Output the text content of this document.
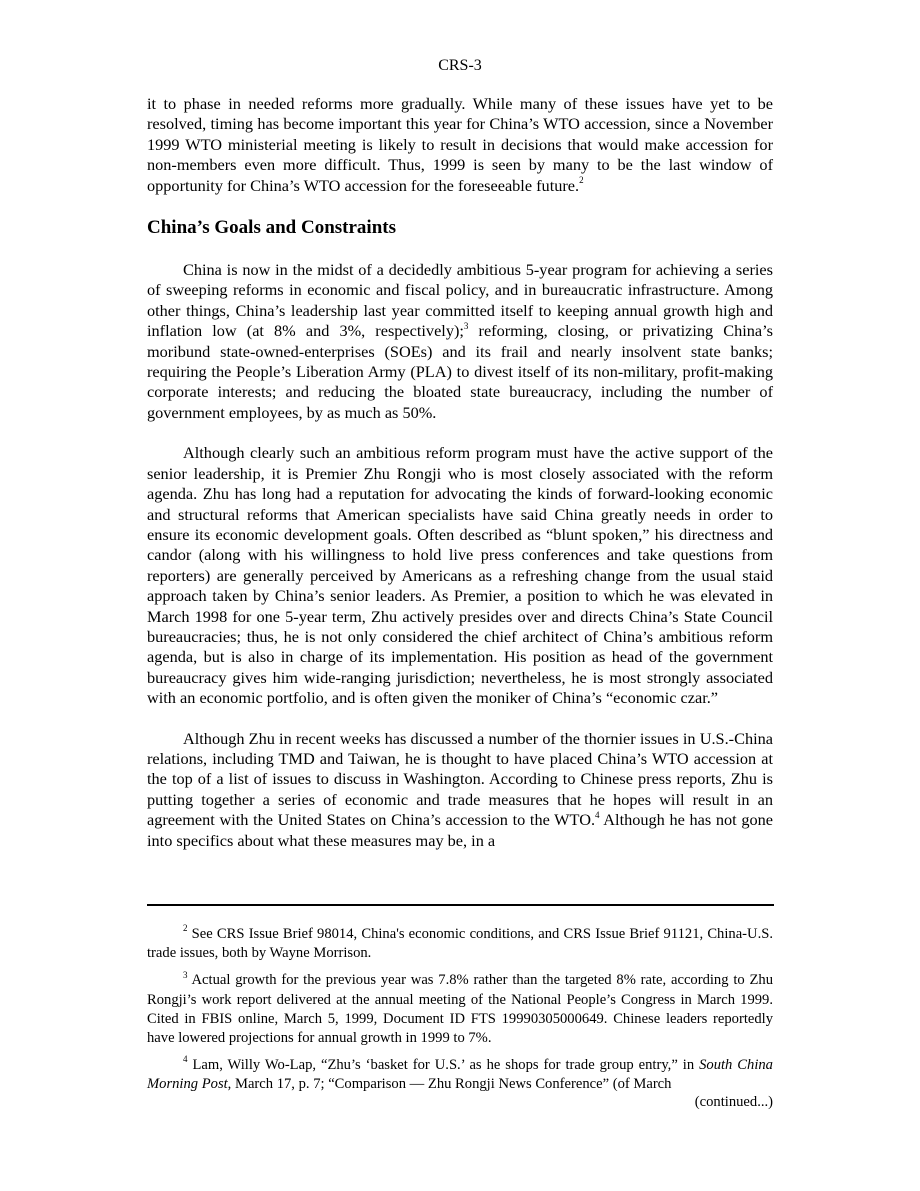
CRS-3

it to phase in needed reforms more gradually. While many of these issues have yet to be resolved, timing has become important this year for China’s WTO accession, since a November 1999 WTO ministerial meeting is likely to result in decisions that would make accession for non-members even more difficult. Thus, 1999 is seen by many to be the last window of opportunity for China’s WTO accession for the foreseeable future.$^2$

China’s Goals and Constraints

China is now in the midst of a decidedly ambitious 5-year program for achieving a series of sweeping reforms in economic and fiscal policy, and in bureaucratic infrastructure. Among other things, China’s leadership last year committed itself to keeping annual growth high and inflation low (at 8% and 3%, respectively);$^3$ reforming, closing, or privatizing China’s moribund state-owned-enterprises (SOEs) and its frail and nearly insolvent state banks; requiring the People’s Liberation Army (PLA) to divest itself of its non-military, profit-making corporate interests; and reducing the bloated state bureaucracy, including the number of government employees, by as much as 50%.

Although clearly such an ambitious reform program must have the active support of the senior leadership, it is Premier Zhu Rongji who is most closely associated with the reform agenda. Zhu has long had a reputation for advocating the kinds of forward-looking economic and structural reforms that American specialists have said China greatly needs in order to ensure its economic development goals. Often described as “blunt spoken,” his directness and candor (along with his willingness to hold live press conferences and take questions from reporters) are generally perceived by Americans as a refreshing change from the usual staid approach taken by China’s senior leaders. As Premier, a position to which he was elevated in March 1998 for one 5-year term, Zhu actively presides over and directs China’s State Council bureaucracies; thus, he is not only considered the chief architect of China’s ambitious reform agenda, but is also in charge of its implementation. His position as head of the government bureaucracy gives him wide-ranging jurisdiction; nevertheless, he is most strongly associated with an economic portfolio, and is often given the moniker of China’s “economic czar.”

Although Zhu in recent weeks has discussed a number of the thornier issues in U.S.-China relations, including TMD and Taiwan, he is thought to have placed China’s WTO accession at the top of a list of issues to discuss in Washington. According to Chinese press reports, Zhu is putting together a series of economic and trade measures that he hopes will result in an agreement with the United States on China’s accession to the WTO.$^4$ Although he has not gone into specifics about what these measures may be, in a

$^2$ See CRS Issue Brief 98014, China's economic conditions, and CRS Issue Brief 91121, China-U.S. trade issues, both by Wayne Morrison.

$^3$ Actual growth for the previous year was 7.8% rather than the targeted 8% rate, according to Zhu Rongji’s work report delivered at the annual meeting of the National People’s Congress in March 1999. Cited in FBIS online, March 5, 1999, Document ID FTS 19990305000649. Chinese leaders reportedly have lowered projections for annual growth in 1999 to 7%.

$^4$ Lam, Willy Wo-Lap, “Zhu’s ‘basket for U.S.’ as he shops for trade group entry,” in South China Morning Post, March 17, p. 7; “Comparison — Zhu Rongji News Conference” (of March

(continued...)
